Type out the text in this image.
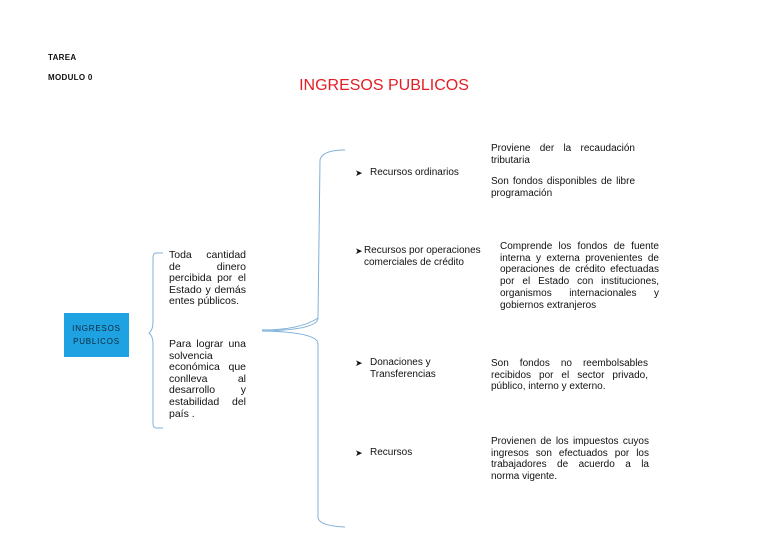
TAREA
MODULO 0	INGRESOS PUBLICOS
INGRESOS
PUBLICOS
Toda cantidad de dinero percibida por el Estado y demás entes públicos.
Para lograr una solvencia económica que conlleva al desarrollo y estabilidad del país .
➤ Recursos ordinarios
➤ Recursos por operaciones comerciales de crédito
➤ Donaciones y Transferencias
➤ Recursos
Proviene der la recaudación tributaria
Son fondos disponibles de libre programación
Comprende los fondos de fuente interna y externa provenientes de operaciones de crédito efectuadas por el Estado con instituciones, organismos internacionales y gobiernos extranjeros
Son fondos no reembolsables recibidos por el sector privado, público, interno y externo.
Provienen de los impuestos cuyos ingresos son efectuados por los trabajadores de acuerdo a la norma vigente.
